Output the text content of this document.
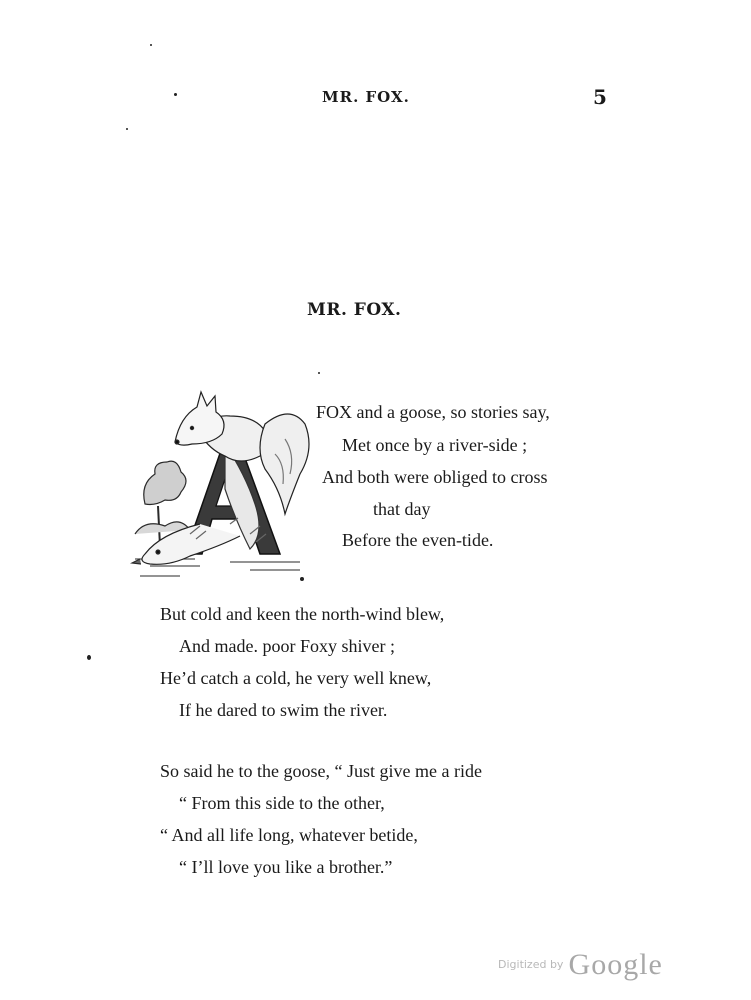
MR. FOX.	5
MR. FOX.
FOX and a goose, so stories say,
Met once by a river-side ;
And both were obliged to cross
that day
Before the even-tide.
But cold and keen the north-wind blew,
And made. poor Foxy shiver ;
He’d catch a cold, he very well knew,
If he dared to swim the river.
So said he to the goose, “ Just give me a ride
“ From this side to the other,
“ And all life long, whatever betide,
“ I’ll love you like a brother.”
$^{Digitized by}$ Google
